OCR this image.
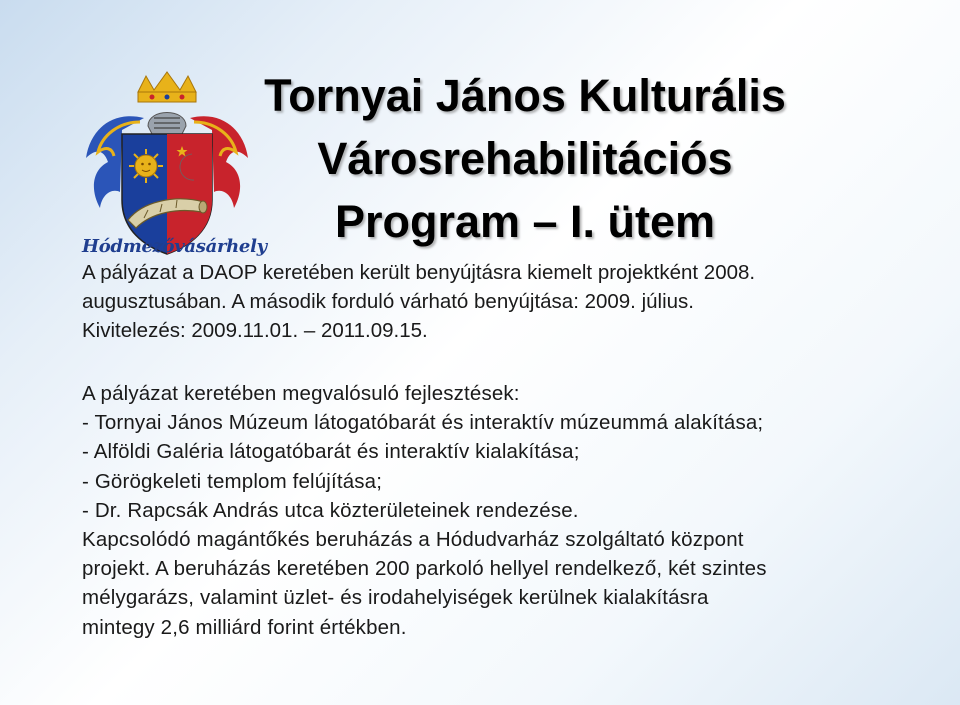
Hódmezővásárhely
Tornyai János Kulturális
Városrehabilitációs
Program – I. ütem

A pályázat a DAOP keretében került benyújtásra kiemelt projektként 2008.

augusztusában. A második forduló várható benyújtása: 2009. július.

Kivitelezés: 2009.11.01. – 2011.09.15.

A pályázat keretében megvalósuló fejlesztések:

- Tornyai János Múzeum látogatóbarát és interaktív múzeummá alakítása;

- Alföldi Galéria látogatóbarát és interaktív kialakítása;

- Görögkeleti templom felújítása;

- Dr. Rapcsák András utca közterületeinek rendezése.

Kapcsolódó magántőkés beruházás a Hódudvarház szolgáltató központ

projekt. A beruházás keretében 200 parkoló hellyel rendelkező, két szintes

mélygarázs, valamint üzlet- és irodahelyiségek kerülnek kialakításra

mintegy 2,6 milliárd forint értékben.
